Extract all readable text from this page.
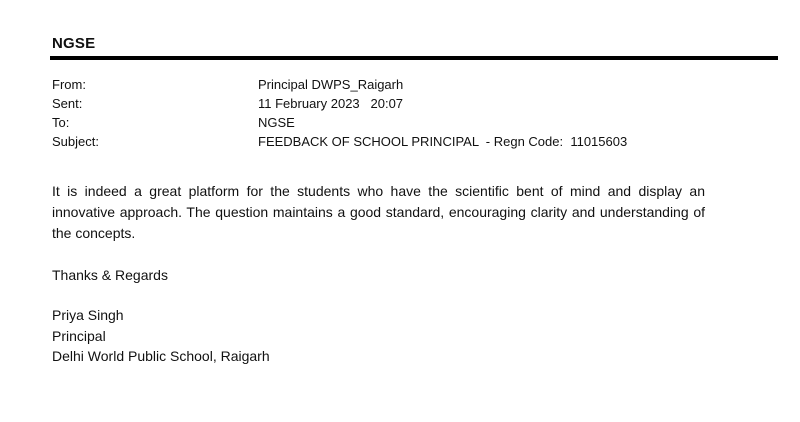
NGSE
From:	Principal DWPS_Raigarh
Sent:	11 February 2023   20:07
To:	NGSE
Subject:	FEEDBACK OF SCHOOL PRINCIPAL  - Regn Code:  11015603
It is indeed a great platform for the students who have the scientific bent of mind and display an innovative approach. The question maintains a good standard, encouraging clarity and understanding of the concepts.
Thanks & Regards
Priya Singh
Principal
Delhi World Public School, Raigarh
